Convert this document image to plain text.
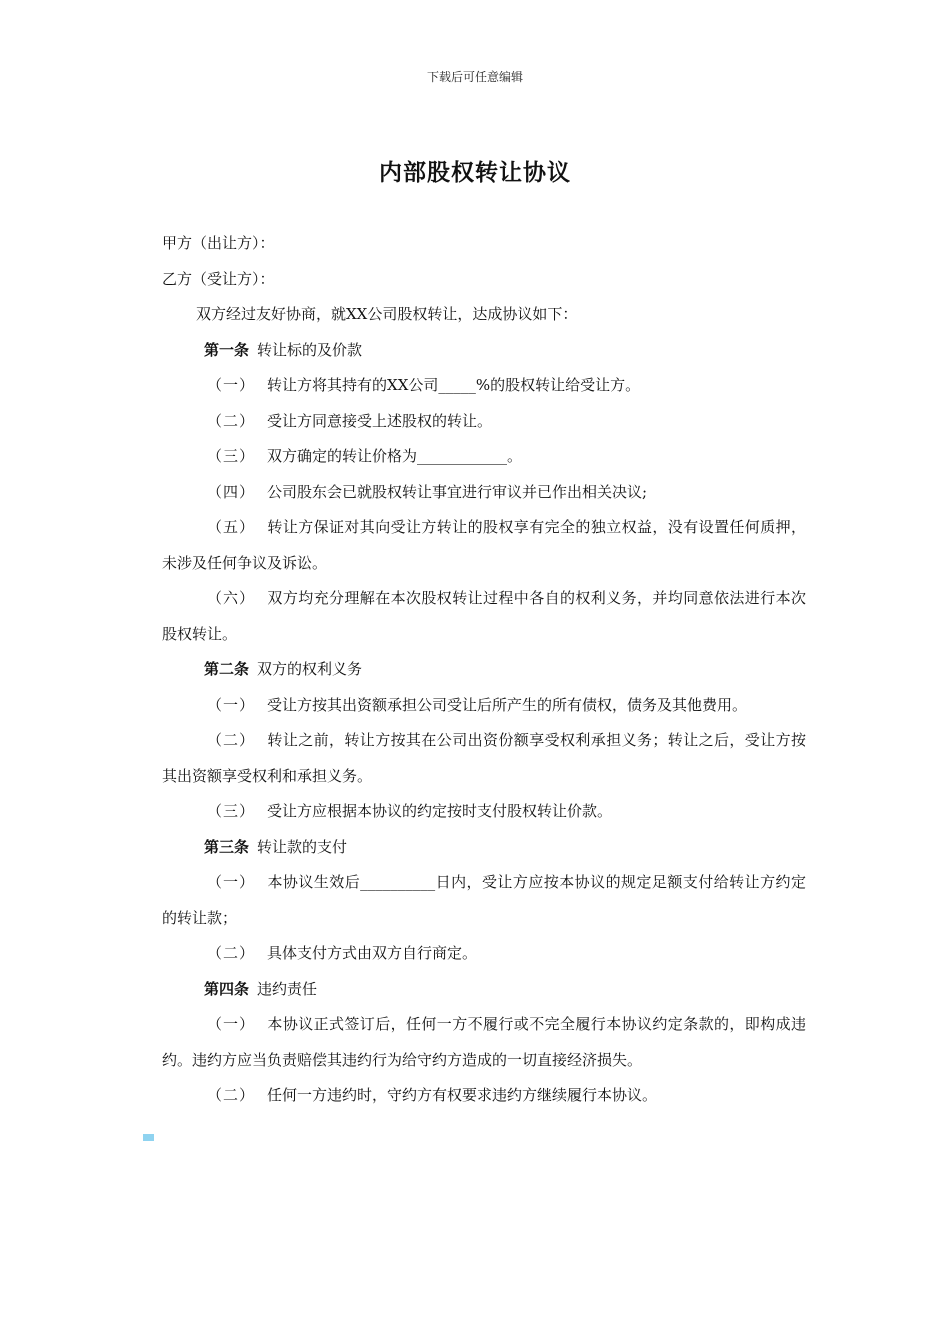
下载后可任意编辑
内部股权转让协议

甲方（出让方）：

乙方（受让方）：

双方经过友好协商，就XX公司股权转让，达成协议如下：

第一条 转让标的及价款

（一） 转让方将其持有的XX公司_____%的股权转让给受让方。

（二） 受让方同意接受上述股权的转让。

（三） 双方确定的转让价格为____________。

（四） 公司股东会已就股权转让事宜进行审议并已作出相关决议;

（五） 转让方保证对其向受让方转让的股权享有完全的独立权益，没有设置任何质押，未涉及任何争议及诉讼。

（六） 双方均充分理解在本次股权转让过程中各自的权利义务，并均同意依法进行本次股权转让。

第二条 双方的权利义务

（一） 受让方按其出资额承担公司受让后所产生的所有债权，债务及其他费用。

（二） 转让之前，转让方按其在公司出资份额享受权利承担义务；转让之后，受让方按其出资额享受权利和承担义务。

（三） 受让方应根据本协议的约定按时支付股权转让价款。

第三条 转让款的支付

（一） 本协议生效后__________日内，受让方应按本协议的规定足额支付给转让方约定的转让款；

（二） 具体支付方式由双方自行商定。

第四条 违约责任

（一） 本协议正式签订后，任何一方不履行或不完全履行本协议约定条款的，即构成违约。违约方应当负责赔偿其违约行为给守约方造成的一切直接经济损失。

（二） 任何一方违约时，守约方有权要求违约方继续履行本协议。
